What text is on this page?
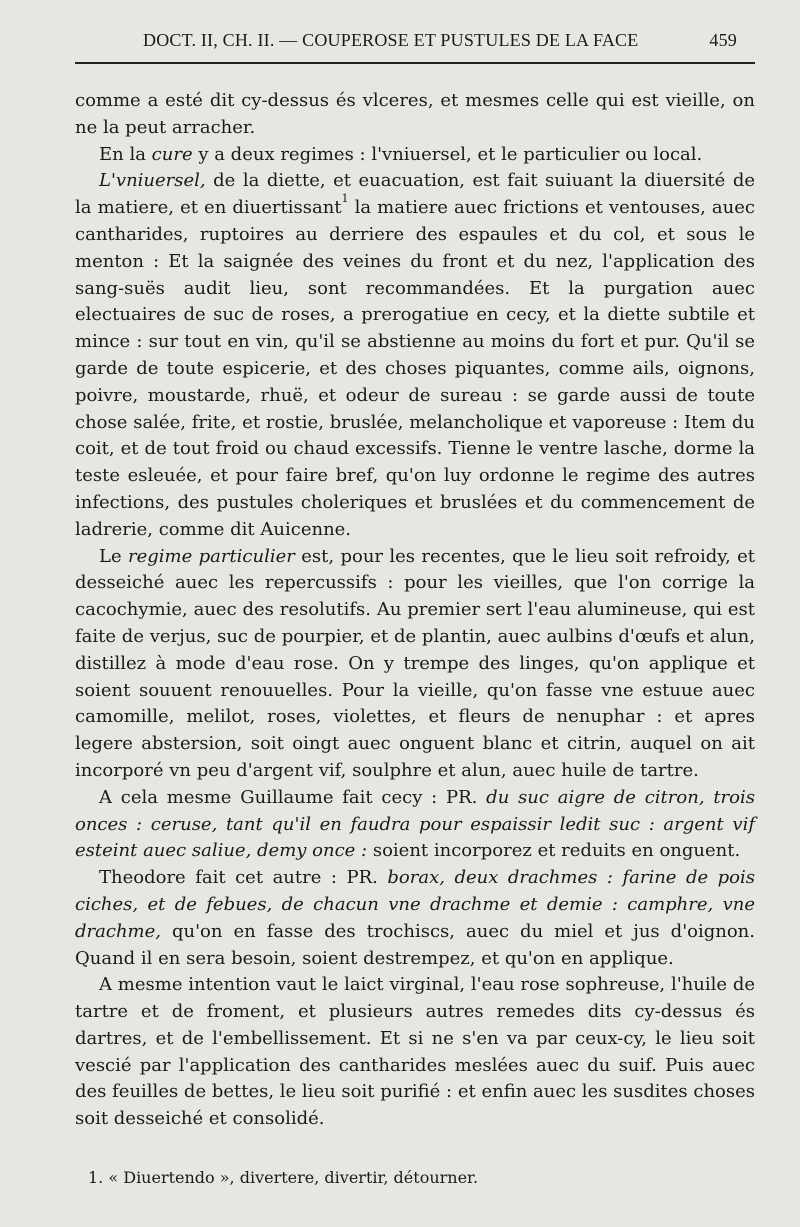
DOCT. II, CH. II. — COUPEROSE ET PUSTULES DE LA FACE	459

comme a esté dit cy-dessus és vlceres, et mesmes celle qui est vieille, on ne la peut arracher.

En la cure y a deux regimes : l'vniuersel, et le particulier ou local.

L'vniuersel, de la diette, et euacuation, est fait suiuant la diuersité de la matiere, et en diuertissant$^1$ la matiere auec frictions et ventouses, auec cantharides, ruptoires au derriere des espaules et du col, et sous le menton : Et la saignée des veines du front et du nez, l'application des sang-suës audit lieu, sont recommandées. Et la purgation auec electuaires de suc de roses, a prerogatiue en cecy, et la diette subtile et mince : sur tout en vin, qu'il se abstienne au moins du fort et pur. Qu'il se garde de toute espicerie, et des choses piquantes, comme ails, oignons, poivre, moustarde, rhuë, et odeur de sureau : se garde aussi de toute chose salée, frite, et rostie, bruslée, melancholique et vaporeuse : Item du coit, et de tout froid ou chaud excessifs. Tienne le ventre lasche, dorme la teste esleuée, et pour faire bref, qu'on luy ordonne le regime des autres infections, des pustules choleriques et bruslées et du commencement de ladrerie, comme dit Auicenne.

Le regime particulier est, pour les recentes, que le lieu soit refroidy, et desseiché auec les repercussifs : pour les vieilles, que l'on corrige la cacochymie, auec des resolutifs. Au premier sert l'eau alumineuse, qui est faite de verjus, suc de pourpier, et de plantin, auec aulbins d'œufs et alun, distillez à mode d'eau rose. On y trempe des linges, qu'on applique et soient souuent renouuelles. Pour la vieille, qu'on fasse vne estuue auec camomille, melilot, roses, violettes, et fleurs de nenuphar : et apres legere abstersion, soit oingt auec onguent blanc et citrin, auquel on ait incorporé vn peu d'argent vif, soulphre et alun, auec huile de tartre.

A cela mesme Guillaume fait cecy : PR. du suc aigre de citron, trois onces : ceruse, tant qu'il en faudra pour espaissir ledit suc : argent vif esteint auec saliue, demy once : soient incorporez et reduits en onguent.

Theodore fait cet autre : PR. borax, deux drachmes : farine de pois ciches, et de febues, de chacun vne drachme et demie : camphre, vne drachme, qu'on en fasse des trochiscs, auec du miel et jus d'oignon. Quand il en sera besoin, soient destrempez, et qu'on en applique.

A mesme intention vaut le laict virginal, l'eau rose sophreuse, l'huile de tartre et de froment, et plusieurs autres remedes dits cy-dessus és dartres, et de l'embellissement. Et si ne s'en va par ceux-cy, le lieu soit vescié par l'application des cantharides meslées auec du suif. Puis auec des feuilles de bettes, le lieu soit purifié : et enfin auec les susdites choses soit desseiché et consolidé.

1. « Diuertendo », divertere, divertir, détourner.
